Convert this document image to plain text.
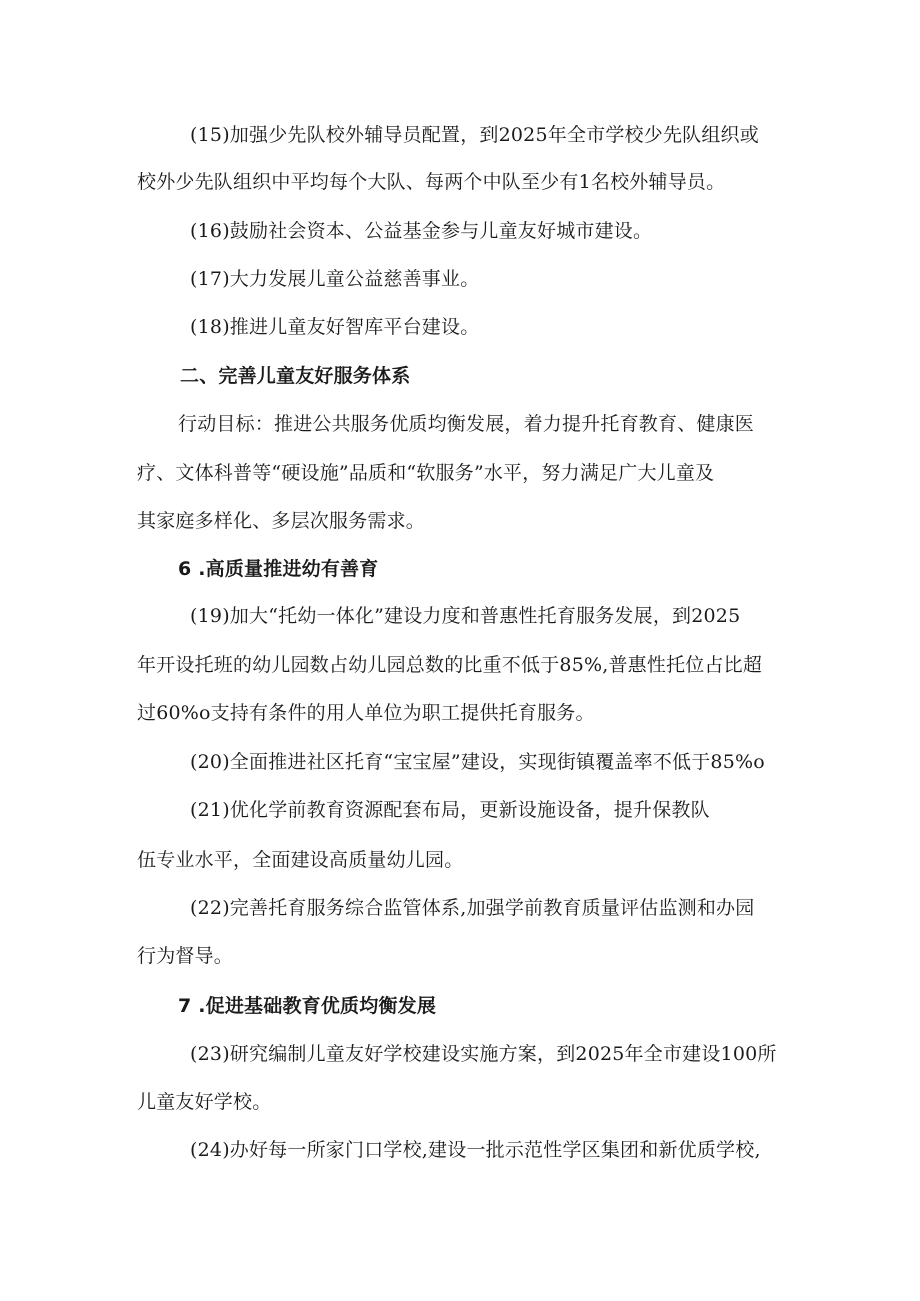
(15)加强少先队校外辅导员配置，到2025年全市学校少先队组织或
校外少先队组织中平均每个大队、每两个中队至少有1名校外辅导员。
(16)鼓励社会资本、公益基金参与儿童友好城市建设。
(17)大力发展儿童公益慈善事业。
(18)推进儿童友好智库平台建设。
二、完善儿童友好服务体系
行动目标：推进公共服务优质均衡发展，着力提升托育教育、健康医
疗、文体科普等“硬设施”品质和“软服务”水平，努力满足广大儿童及
其家庭多样化、多层次服务需求。
6 .高质量推进幼有善育
(19)加大“托幼一体化”建设力度和普惠性托育服务发展，到2025
年开设托班的幼儿园数占幼儿园总数的比重不低于85%,普惠性托位占比超
过60%o支持有条件的用人单位为职工提供托育服务。
(20)全面推进社区托育“宝宝屋”建设，实现街镇覆盖率不低于85%o
(21)优化学前教育资源配套布局，更新设施设备，提升保教队
伍专业水平，全面建设高质量幼儿园。
(22)完善托育服务综合监管体系,加强学前教育质量评估监测和办园
行为督导。
7 .促进基础教育优质均衡发展
(23)研究编制儿童友好学校建设实施方案，到2025年全市建设100所
儿童友好学校。
(24)办好每一所家门口学校,建设一批示范性学区集团和新优质学校,
